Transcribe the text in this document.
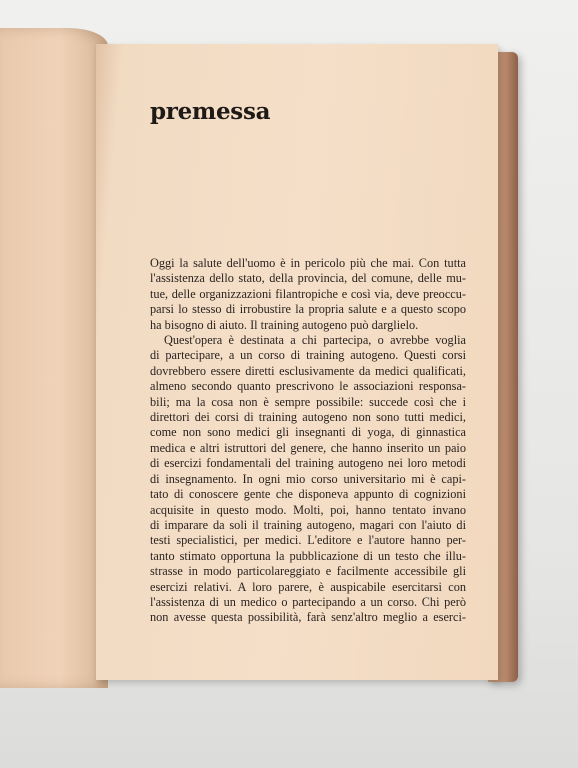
premessa
Oggi la salute dell'uomo è in pericolo più che mai. Con tutta
l'assistenza dello stato, della provincia, del comune, delle mu-
tue, delle organizzazioni filantropiche e così via, deve preoccu-
parsi lo stesso di irrobustire la propria salute e a questo scopo
ha bisogno di aiuto. Il training autogeno può darglielo.
Quest'opera è destinata a chi partecipa, o avrebbe voglia
di partecipare, a un corso di training autogeno. Questi corsi
dovrebbero essere diretti esclusivamente da medici qualificati,
almeno secondo quanto prescrivono le associazioni responsa-
bili; ma la cosa non è sempre possibile: succede così che i
direttori dei corsi di training autogeno non sono tutti medici,
come non sono medici gli insegnanti di yoga, di ginnastica
medica e altri istruttori del genere, che hanno inserito un paio
di esercizi fondamentali del training autogeno nei loro metodi
di insegnamento. In ogni mio corso universitario mi è capi-
tato di conoscere gente che disponeva appunto di cognizioni
acquisite in questo modo. Molti, poi, hanno tentato invano
di imparare da soli il training autogeno, magari con l'aiuto di
testi specialistici, per medici. L'editore e l'autore hanno per-
tanto stimato opportuna la pubblicazione di un testo che illu-
strasse in modo particolareggiato e facilmente accessibile gli
esercizi relativi. A loro parere, è auspicabile esercitarsi con
l'assistenza di un medico o partecipando a un corso. Chi però
non avesse questa possibilità, farà senz'altro meglio a eserci-
